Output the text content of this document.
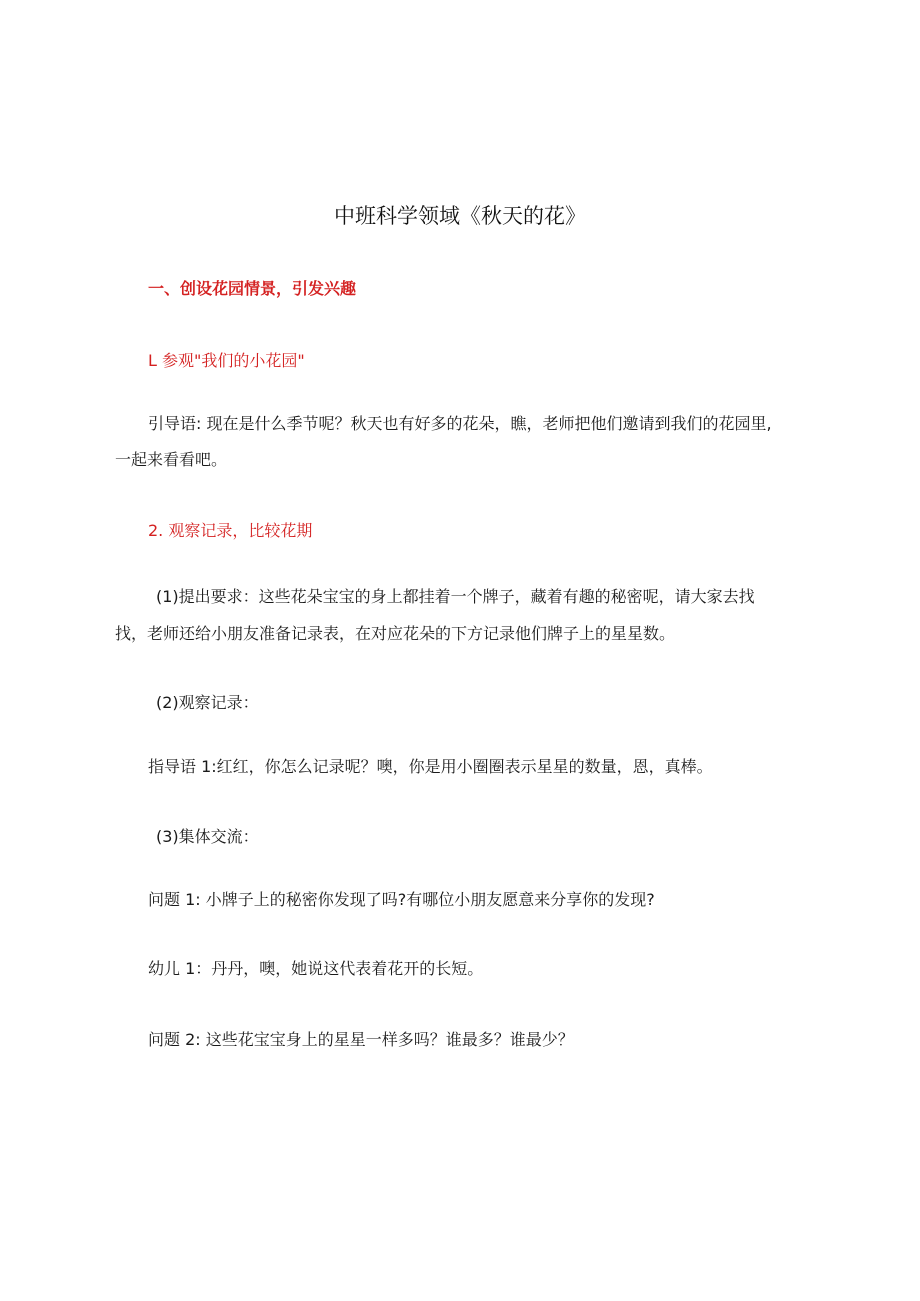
中班科学领域《秋天的花》
一、创设花园情景，引发兴趣
L 参观"我们的小花园"
引导语: 现在是什么季节呢？秋天也有好多的花朵，瞧，老师把他们邀请到我们的花园里,
一起来看看吧。
2. 观察记录，比较花期
(1)提出要求：这些花朵宝宝的身上都挂着一个牌子，藏着有趣的秘密呢，请大家去找
找，老师还给小朋友准备记录表，在对应花朵的下方记录他们牌子上的星星数。
(2)观察记录：
指导语 1:红红，你怎么记录呢？噢，你是用小圈圈表示星星的数量，恩，真棒。
(3)集体交流：
问题 1: 小牌子上的秘密你发现了吗?有哪位小朋友愿意来分享你的发现?
幼儿 1：丹丹，噢，她说这代表着花开的长短。
问题 2: 这些花宝宝身上的星星一样多吗？谁最多？谁最少？
